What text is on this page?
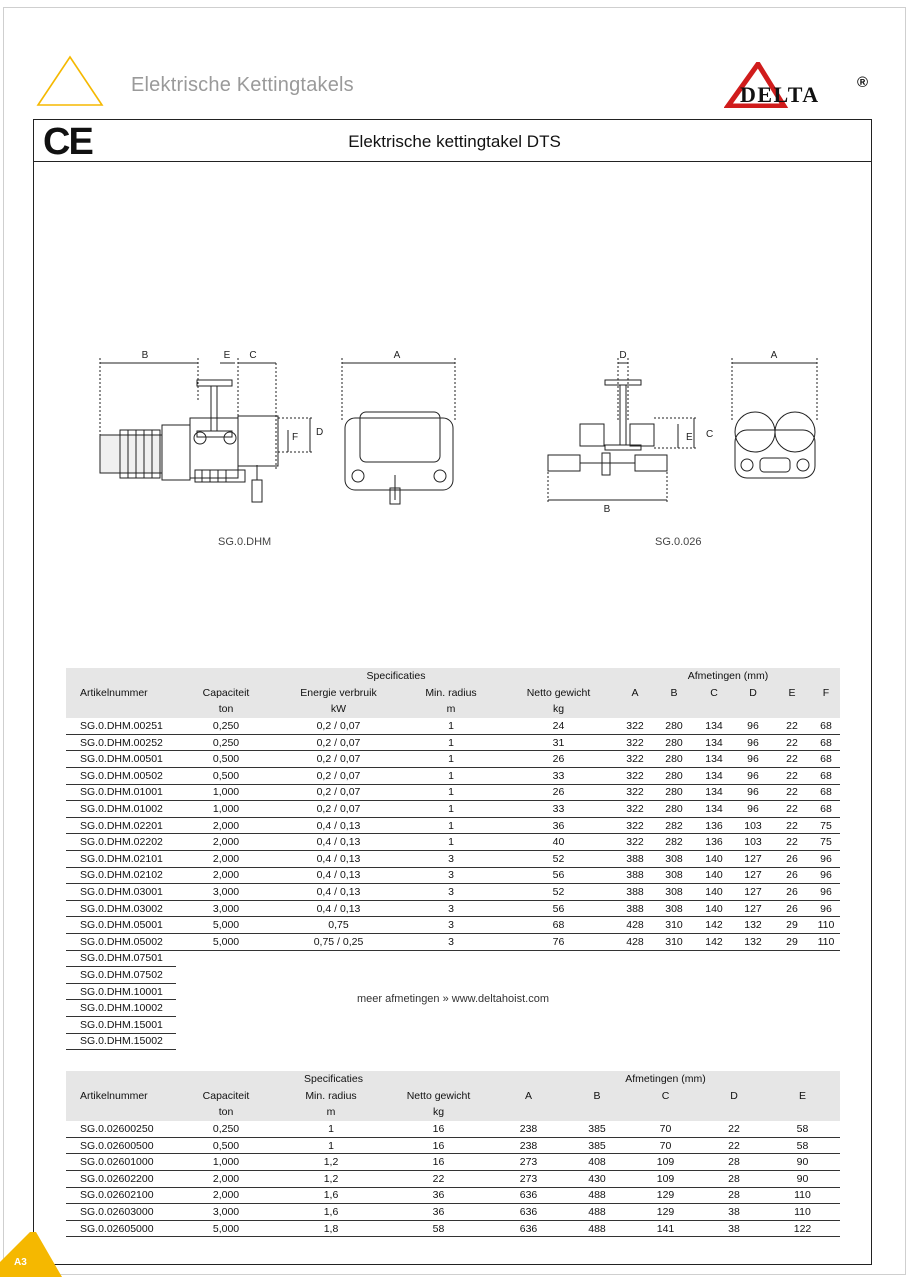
Elektrische Kettingtakels	DELTA ®
CE	Elektrische kettingtakel DTS
B	E C
D
F
A	D
C
E
B
A
SG.0.DHM	SG.0.026
	Specificaties				Afmetingen (mm)					
Artikelnummer	Capaciteit	Energie verbruik	Min. radius	Netto gewicht	A	B	C	D	E	F
	ton	kW	m	kg						
SG.0.DHM.00251	0,250	0,2 / 0,07	1	24	322	280	134	96	22	68
SG.0.DHM.00252	0,250	0,2 / 0,07	1	31	322	280	134	96	22	68
SG.0.DHM.00501	0,500	0,2 / 0,07	1	26	322	280	134	96	22	68
SG.0.DHM.00502	0,500	0,2 / 0,07	1	33	322	280	134	96	22	68
SG.0.DHM.01001	1,000	0,2 / 0,07	1	26	322	280	134	96	22	68
SG.0.DHM.01002	1,000	0,2 / 0,07	1	33	322	280	134	96	22	68
SG.0.DHM.02201	2,000	0,4 / 0,13	1	36	322	282	136	103	22	75
SG.0.DHM.02202	2,000	0,4 / 0,13	1	40	322	282	136	103	22	75
SG.0.DHM.02101	2,000	0,4 / 0,13	3	52	388	308	140	127	26	96
SG.0.DHM.02102	2,000	0,4 / 0,13	3	56	388	308	140	127	26	96
SG.0.DHM.03001	3,000	0,4 / 0,13	3	52	388	308	140	127	26	96
SG.0.DHM.03002	3,000	0,4 / 0,13	3	56	388	308	140	127	26	96
SG.0.DHM.05001	5,000	0,75	3	68	428	310	142	132	29	110
SG.0.DHM.05002	5,000	0,75 / 0,25	3	76	428	310	142	132	29	110
SG.0.DHM.07501										
SG.0.DHM.07502										
SG.0.DHM.10001										
SG.0.DHM.10002										
SG.0.DHM.15001										
SG.0.DHM.15002										
meer afmetingen » www.deltahoist.com
	Specificaties			Afmetingen (mm)				
Artikelnummer	Capaciteit	Min. radius	Netto gewicht	A	B	C	D	E
	ton	m	kg					
SG.0.02600250	0,250	1	16	238	385	70	22	58
SG.0.02600500	0,500	1	16	238	385	70	22	58
SG.0.02601000	1,000	1,2	16	273	408	109	28	90
SG.0.02602200	2,000	1,2	22	273	430	109	28	90
SG.0.02602100	2,000	1,6	36	636	488	129	28	110
SG.0.02603000	3,000	1,6	36	636	488	129	38	110
SG.0.02605000	5,000	1,8	58	636	488	141	38	122
A3
